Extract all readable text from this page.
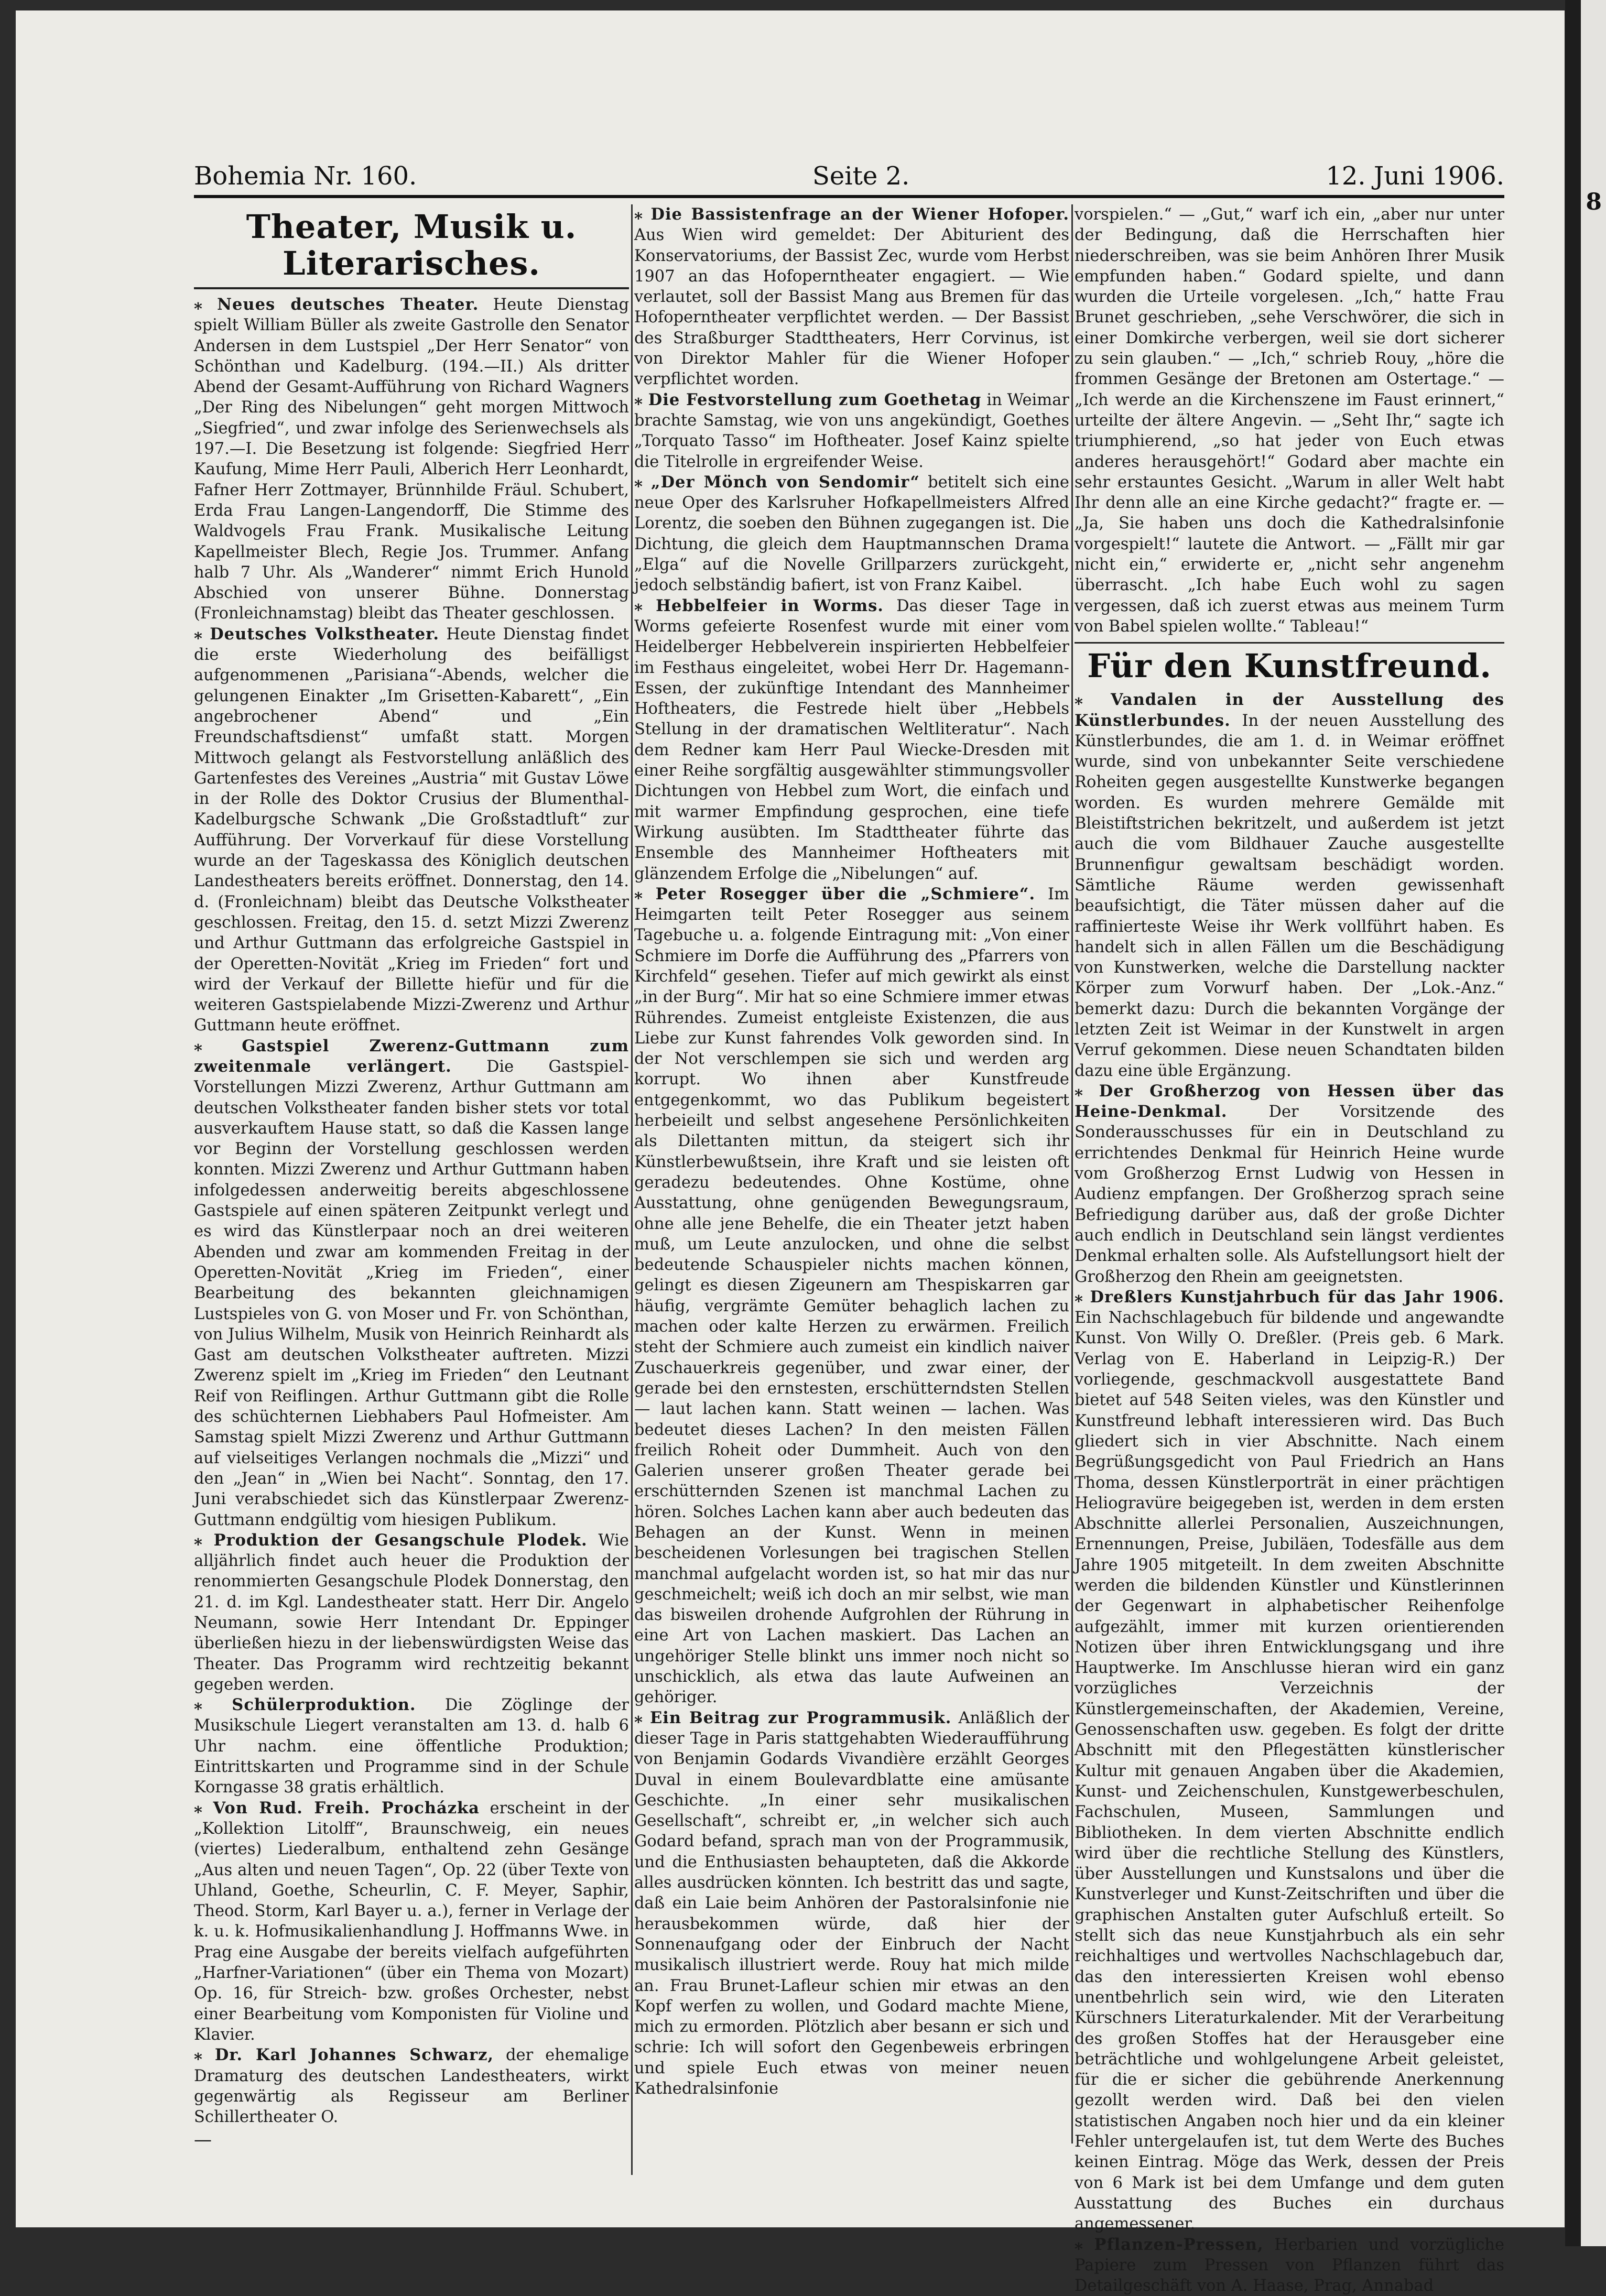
Bohemia Nr. 160.	Seite 2.	12. Juni 1906.
Theater, Musik u. Literarisches.

⁎ Neues deutsches Theater. Heute Dienstag spielt William Büller als zweite Gastrolle den Senator Andersen in dem Lustspiel „Der Herr Senator“ von Schönthan und Kadelburg. (194.—II.) Als dritter Abend der Gesamt-Aufführung von Richard Wagners „Der Ring des Nibelungen“ geht morgen Mittwoch „Siegfried“, und zwar infolge des Serienwechsels als 197.—I. Die Besetzung ist folgende: Siegfried Herr Kaufung, Mime Herr Pauli, Alberich Herr Leonhardt, Fafner Herr Zottmayer, Brünnhilde Fräul. Schubert, Erda Frau Langen-Langendorff, Die Stimme des Waldvogels Frau Frank. Musikalische Leitung Kapellmeister Blech, Regie Jos. Trummer. Anfang halb 7 Uhr. Als „Wanderer“ nimmt Erich Hunold Abschied von unserer Bühne. Donnerstag (Fronleichnamstag) bleibt das Theater geschlossen.

⁎ Deutsches Volkstheater. Heute Dienstag findet die erste Wiederholung des beifälligst aufgenommenen „Parisiana“-Abends, welcher die gelungenen Einakter „Im Grisetten-Kabarett“, „Ein angebrochener Abend“ und „Ein Freundschaftsdienst“ umfaßt statt. Morgen Mittwoch gelangt als Festvorstellung anläßlich des Gartenfestes des Vereines „Austria“ mit Gustav Löwe in der Rolle des Doktor Crusius der Blumenthal-Kadelburgsche Schwank „Die Großstadtluft“ zur Aufführung. Der Vorverkauf für diese Vorstellung wurde an der Tageskassa des Königlich deutschen Landestheaters bereits eröffnet. Donnerstag, den 14. d. (Fronleichnam) bleibt das Deutsche Volkstheater geschlossen. Freitag, den 15. d. setzt Mizzi Zwerenz und Arthur Guttmann das erfolgreiche Gastspiel in der Operetten-Novität „Krieg im Frieden“ fort und wird der Verkauf der Billette hiefür und für die weiteren Gastspielabende Mizzi-Zwerenz und Arthur Guttmann heute eröffnet.

⁎ Gastspiel Zwerenz-Guttmann zum zweitenmale verlängert. Die Gastspiel-Vorstellungen Mizzi Zwerenz, Arthur Guttmann am deutschen Volkstheater fanden bisher stets vor total ausverkauftem Hause statt, so daß die Kassen lange vor Beginn der Vorstellung geschlossen werden konnten. Mizzi Zwerenz und Arthur Guttmann haben infolgedessen anderweitig bereits abgeschlossene Gastspiele auf einen späteren Zeitpunkt verlegt und es wird das Künstlerpaar noch an drei weiteren Abenden und zwar am kommenden Freitag in der Operetten-Novität „Krieg im Frieden“, einer Bearbeitung des bekannten gleichnamigen Lustspieles von G. von Moser und Fr. von Schönthan, von Julius Wilhelm, Musik von Heinrich Reinhardt als Gast am deutschen Volkstheater auftreten. Mizzi Zwerenz spielt im „Krieg im Frieden“ den Leutnant Reif von Reiflingen. Arthur Guttmann gibt die Rolle des schüchternen Liebhabers Paul Hofmeister. Am Samstag spielt Mizzi Zwerenz und Arthur Guttmann auf vielseitiges Verlangen nochmals die „Mizzi“ und den „Jean“ in „Wien bei Nacht“. Sonntag, den 17. Juni verabschiedet sich das Künstlerpaar Zwerenz-Guttmann endgültig vom hiesigen Publikum.

⁎ Produktion der Gesangschule Plodek. Wie alljährlich findet auch heuer die Produktion der renommierten Gesangschule Plodek Donnerstag, den 21. d. im Kgl. Landestheater statt. Herr Dir. Angelo Neumann, sowie Herr Intendant Dr. Eppinger überließen hiezu in der liebenswürdigsten Weise das Theater. Das Programm wird rechtzeitig bekannt gegeben werden.

⁎ Schülerproduktion. Die Zöglinge der Musikschule Liegert veranstalten am 13. d. halb 6 Uhr nachm. eine öffentliche Produktion; Eintrittskarten und Programme sind in der Schule Korngasse 38 gratis erhältlich.

⁎ Von Rud. Freih. Procházka erscheint in der „Kollektion Litolff“, Braunschweig, ein neues (viertes) Liederalbum, enthaltend zehn Gesänge „Aus alten und neuen Tagen“, Op. 22 (über Texte von Uhland, Goethe, Scheurlin, C. F. Meyer, Saphir, Theod. Storm, Karl Bayer u. a.), ferner in Verlage der k. u. k. Hofmusikalienhandlung J. Hoffmanns Wwe. in Prag eine Ausgabe der bereits vielfach aufgeführten „Harfner-Variationen“ (über ein Thema von Mozart) Op. 16, für Streich- bzw. großes Orchester, nebst einer Bearbeitung vom Komponisten für Violine und Klavier.

⁎ Dr. Karl Johannes Schwarz, der ehemalige Dramaturg des deutschen Landestheaters, wirkt gegenwärtig als Regisseur am Berliner Schillertheater O.

—

⁎ Die Bassistenfrage an der Wiener Hofoper. Aus Wien wird gemeldet: Der Abiturient des Konservatoriums, der Bassist Zec, wurde vom Herbst 1907 an das Hofoperntheater engagiert. — Wie verlautet, soll der Bassist Mang aus Bremen für das Hofoperntheater verpflichtet werden. — Der Bassist des Straßburger Stadttheaters, Herr Corvinus, ist von Direktor Mahler für die Wiener Hofoper verpflichtet worden.

⁎ Die Festvorstellung zum Goethetag in Weimar brachte Samstag, wie von uns angekündigt, Goethes „Torquato Tasso“ im Hoftheater. Josef Kainz spielte die Titelrolle in ergreifender Weise.

⁎ „Der Mönch von Sendomir“ betitelt sich eine neue Oper des Karlsruher Hofkapellmeisters Alfred Lorentz, die soeben den Bühnen zugegangen ist. Die Dichtung, die gleich dem Hauptmannschen Drama „Elga“ auf die Novelle Grillparzers zurückgeht, jedoch selbständig bafiert, ist von Franz Kaibel.

⁎ Hebbelfeier in Worms. Das dieser Tage in Worms gefeierte Rosenfest wurde mit einer vom Heidelberger Hebbelverein inspirierten Hebbelfeier im Festhaus eingeleitet, wobei Herr Dr. Hagemann-Essen, der zukünftige Intendant des Mannheimer Hoftheaters, die Festrede hielt über „Hebbels Stellung in der dramatischen Weltliteratur“. Nach dem Redner kam Herr Paul Wiecke-Dresden mit einer Reihe sorgfältig ausgewählter stimmungsvoller Dichtungen von Hebbel zum Wort, die einfach und mit warmer Empfindung gesprochen, eine tiefe Wirkung ausübten. Im Stadttheater führte das Ensemble des Mannheimer Hoftheaters mit glänzendem Erfolge die „Nibelungen“ auf.

⁎ Peter Rosegger über die „Schmiere“. Im Heimgarten teilt Peter Rosegger aus seinem Tagebuche u. a. folgende Eintragung mit: „Von einer Schmiere im Dorfe die Aufführung des „Pfarrers von Kirchfeld“ gesehen. Tiefer auf mich gewirkt als einst „in der Burg“. Mir hat so eine Schmiere immer etwas Rührendes. Zumeist entgleiste Existenzen, die aus Liebe zur Kunst fahrendes Volk geworden sind. In der Not verschlempen sie sich und werden arg korrupt. Wo ihnen aber Kunstfreude entgegenkommt, wo das Publikum begeistert herbeieilt und selbst angesehene Persönlichkeiten als Dilettanten mittun, da steigert sich ihr Künstlerbewußtsein, ihre Kraft und sie leisten oft geradezu bedeutendes. Ohne Kostüme, ohne Ausstattung, ohne genügenden Bewegungsraum, ohne alle jene Behelfe, die ein Theater jetzt haben muß, um Leute anzulocken, und ohne die selbst bedeutende Schauspieler nichts machen können, gelingt es diesen Zigeunern am Thespiskarren gar häufig, vergrämte Gemüter behaglich lachen zu machen oder kalte Herzen zu erwärmen. Freilich steht der Schmiere auch zumeist ein kindlich naiver Zuschauerkreis gegenüber, und zwar einer, der gerade bei den ernstesten, erschütterndsten Stellen — laut lachen kann. Statt weinen — lachen. Was bedeutet dieses Lachen? In den meisten Fällen freilich Roheit oder Dummheit. Auch von den Galerien unserer großen Theater gerade bei erschütternden Szenen ist manchmal Lachen zu hören. Solches Lachen kann aber auch bedeuten das Behagen an der Kunst. Wenn in meinen bescheidenen Vorlesungen bei tragischen Stellen manchmal aufgelacht worden ist, so hat mir das nur geschmeichelt; weiß ich doch an mir selbst, wie man das bisweilen drohende Aufgrohlen der Rührung in eine Art von Lachen maskiert. Das Lachen an ungehöriger Stelle blinkt uns immer noch nicht so unschicklich, als etwa das laute Aufweinen an gehöriger.

⁎ Ein Beitrag zur Programmusik. Anläßlich der dieser Tage in Paris stattgehabten Wiederaufführung von Benjamin Godards Vivandière erzählt Georges Duval in einem Boulevardblatte eine amüsante Geschichte. „In einer sehr musikalischen Gesellschaft“, schreibt er, „in welcher sich auch Godard befand, sprach man von der Programmusik, und die Enthusiasten behaupteten, daß die Akkorde alles ausdrücken könnten. Ich bestritt das und sagte, daß ein Laie beim Anhören der Pastoralsinfonie nie herausbekommen würde, daß hier der Sonnenaufgang oder der Einbruch der Nacht musikalisch illustriert werde. Rouy hat mich milde an. Frau Brunet-Lafleur schien mir etwas an den Kopf werfen zu wollen, und Godard machte Miene, mich zu ermorden. Plötzlich aber besann er sich und schrie: Ich will sofort den Gegenbeweis erbringen und spiele Euch etwas von meiner neuen Kathedralsinfonie

vorspielen.“ — „Gut,“ warf ich ein, „aber nur unter der Bedingung, daß die Herrschaften hier niederschreiben, was sie beim Anhören Ihrer Musik empfunden haben.“ Godard spielte, und dann wurden die Urteile vorgelesen. „Ich,“ hatte Frau Brunet geschrieben, „sehe Verschwörer, die sich in einer Domkirche verbergen, weil sie dort sicherer zu sein glauben.“ — „Ich,“ schrieb Rouy, „höre die frommen Gesänge der Bretonen am Ostertage.“ — „Ich werde an die Kirchenszene im Faust erinnert,“ urteilte der ältere Angevin. — „Seht Ihr,“ sagte ich triumphierend, „so hat jeder von Euch etwas anderes herausgehört!“ Godard aber machte ein sehr erstauntes Gesicht. „Warum in aller Welt habt Ihr denn alle an eine Kirche gedacht?“ fragte er. — „Ja, Sie haben uns doch die Kathedralsinfonie vorgespielt!“ lautete die Antwort. — „Fällt mir gar nicht ein,“ erwiderte er, „nicht sehr angenehm überrascht. „Ich habe Euch wohl zu sagen vergessen, daß ich zuerst etwas aus meinem Turm von Babel spielen wollte.“ Tableau!“

Für den Kunstfreund.

⁎ Vandalen in der Ausstellung des Künstlerbundes. In der neuen Ausstellung des Künstlerbundes, die am 1. d. in Weimar eröffnet wurde, sind von unbekannter Seite verschiedene Roheiten gegen ausgestellte Kunstwerke begangen worden. Es wurden mehrere Gemälde mit Bleistiftstrichen bekritzelt, und außerdem ist jetzt auch die vom Bildhauer Zauche ausgestellte Brunnenfigur gewaltsam beschädigt worden. Sämtliche Räume werden gewissenhaft beaufsichtigt, die Täter müssen daher auf die raffinierteste Weise ihr Werk vollführt haben. Es handelt sich in allen Fällen um die Beschädigung von Kunstwerken, welche die Darstellung nackter Körper zum Vorwurf haben. Der „Lok.-Anz.“ bemerkt dazu: Durch die bekannten Vorgänge der letzten Zeit ist Weimar in der Kunstwelt in argen Verruf gekommen. Diese neuen Schandtaten bilden dazu eine üble Ergänzung.

⁎ Der Großherzog von Hessen über das Heine-Denkmal.	Der Vorsitzende des Sonderausschusses für ein in Deutschland zu errichtendes Denkmal für Heinrich Heine wurde vom Großherzog Ernst Ludwig von Hessen in Audienz empfangen. Der Großherzog sprach seine Befriedigung darüber aus, daß der große Dichter auch endlich in Deutschland sein längst verdientes Denkmal erhalten solle. Als Aufstellungsort hielt der Großherzog den Rhein am geeignetsten.

⁎ Dreßlers Kunstjahrbuch für das Jahr 1906. Ein Nachschlagebuch für bildende und angewandte Kunst. Von Willy O. Dreßler. (Preis geb. 6 Mark. Verlag von E. Haberland in Leipzig-R.) Der vorliegende, geschmackvoll ausgestattete Band bietet auf 548 Seiten vieles, was den Künstler und Kunstfreund lebhaft interessieren wird. Das Buch gliedert sich in vier Abschnitte. Nach einem Begrüßungsgedicht von Paul Friedrich an Hans Thoma, dessen Künstlerporträt in einer prächtigen Heliogravüre beigegeben ist, werden in dem ersten Abschnitte allerlei Personalien, Auszeichnungen, Ernennungen, Preise, Jubiläen, Todesfälle aus dem Jahre 1905 mitgeteilt. In dem zweiten Abschnitte werden die bildenden Künstler und Künstlerinnen der Gegenwart in alphabetischer Reihenfolge aufgezählt, immer mit kurzen orientierenden Notizen über ihren Entwicklungsgang und ihre Hauptwerke. Im Anschlusse hieran wird ein ganz vorzügliches Verzeichnis der Künstlergemeinschaften, der Akademien, Vereine, Genossenschaften usw. gegeben. Es folgt der dritte Abschnitt mit den Pflegestätten künstlerischer Kultur mit genauen Angaben über die Akademien, Kunst- und Zeichenschulen, Kunstgewerbeschulen, Fachschulen, Museen, Sammlungen und Bibliotheken. In dem vierten Abschnitte endlich wird über die rechtliche Stellung des Künstlers, über Ausstellungen und Kunstsalons und über die Kunstverleger und Kunst-Zeitschriften und über die graphischen Anstalten guter Aufschluß erteilt. So stellt sich das neue Kunstjahrbuch als ein sehr reichhaltiges und wertvolles Nachschlagebuch dar, das den interessierten Kreisen wohl ebenso unentbehrlich sein wird, wie den Literaten Kürschners Literaturkalender. Mit der Verarbeitung des großen Stoffes hat der Herausgeber eine beträchtliche und wohlgelungene Arbeit geleistet, für die er sicher die gebührende Anerkennung gezollt werden wird. Daß bei den vielen statistischen Angaben noch hier und da ein kleiner Fehler untergelaufen ist, tut dem Werte des Buches keinen Eintrag. Möge das Werk, dessen der Preis von 6 Mark ist bei dem Umfange und dem guten Ausstattung des Buches ein durchaus angemessener.

⁎ Pflanzen-Pressen, Herbarien und vorzügliche Papiere zum Pressen von Pflanzen führt das Detailgeschäft von A. Haase, Prag, Annabad

8
